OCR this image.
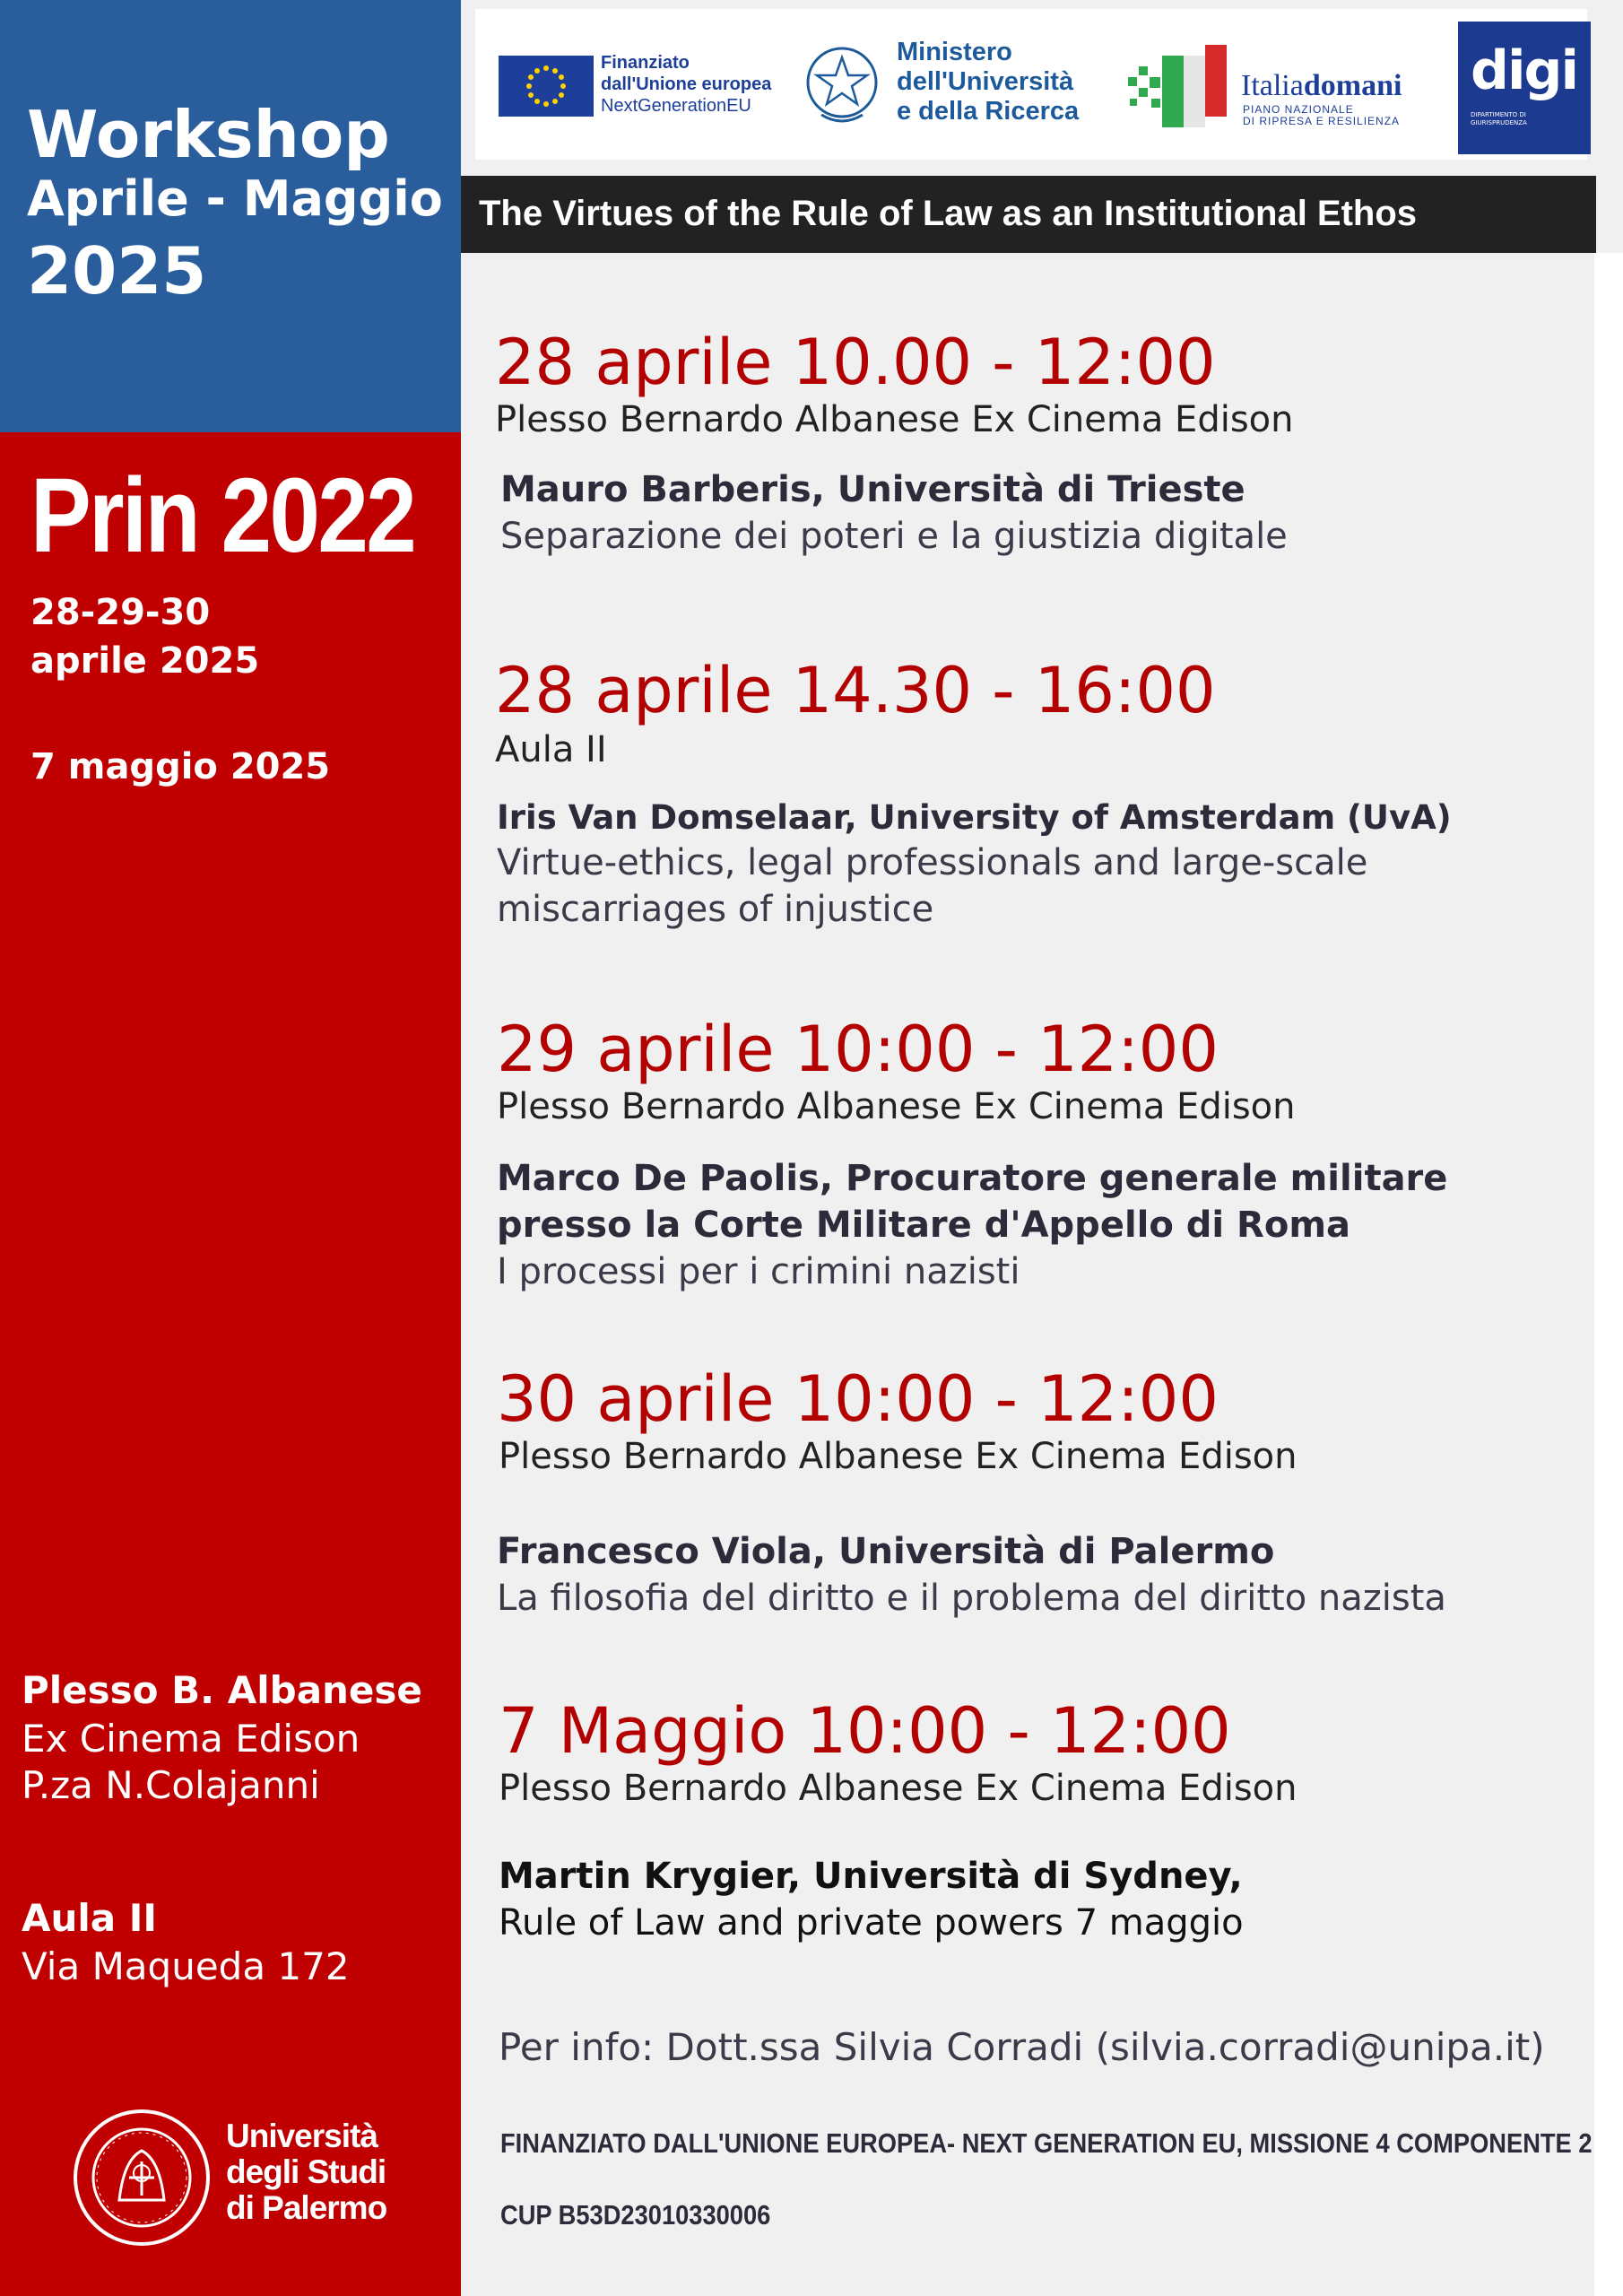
Workshop
Aprile - Maggio
2025
Prin 2022
28-29-30
aprile 2025
7 maggio 2025
Plesso B. Albanese
Ex Cinema Edison
P.za N.Colajanni
Aula II
Via Maqueda 172
Università
degli Studi
di Palermo
Finanziato
dall'Unione europea
NextGenerationEU
Ministero
dell'Università
e della Ricerca
Italiadomani
PIANO NAZIONALE
DI RIPRESA E RESILIENZA
digi
DIPARTIMENTO DI GIURISPRUDENZA
The Virtues of the Rule of Law as an Institutional Ethos
28 aprile 10.00 - 12:00
Plesso Bernardo Albanese Ex Cinema Edison
Mauro Barberis, Università di Trieste
Separazione dei poteri e la giustizia digitale
28 aprile 14.30 - 16:00
Aula II
Iris Van Domselaar, University of Amsterdam (UvA)
Virtue-ethics, legal professionals and large-scale
miscarriages of injustice
29 aprile 10:00 - 12:00
Plesso Bernardo Albanese Ex Cinema Edison
Marco De Paolis, Procuratore generale militare
presso la Corte Militare d'Appello di Roma
I processi per i crimini nazisti
30 aprile 10:00 - 12:00
Plesso Bernardo Albanese Ex Cinema Edison
Francesco Viola, Università di Palermo
La filosofia del diritto e il problema del diritto nazista
7 Maggio 10:00 - 12:00
Plesso Bernardo Albanese Ex Cinema Edison
Martin Krygier, Università di Sydney,
Rule of Law and private powers 7 maggio
Per info: Dott.ssa Silvia Corradi (silvia.corradi@unipa.it)
FINANZIATO DALL'UNIONE EUROPEA- NEXT GENERATION EU, MISSIONE 4 COMPONENTE 2
CUP B53D23010330006
